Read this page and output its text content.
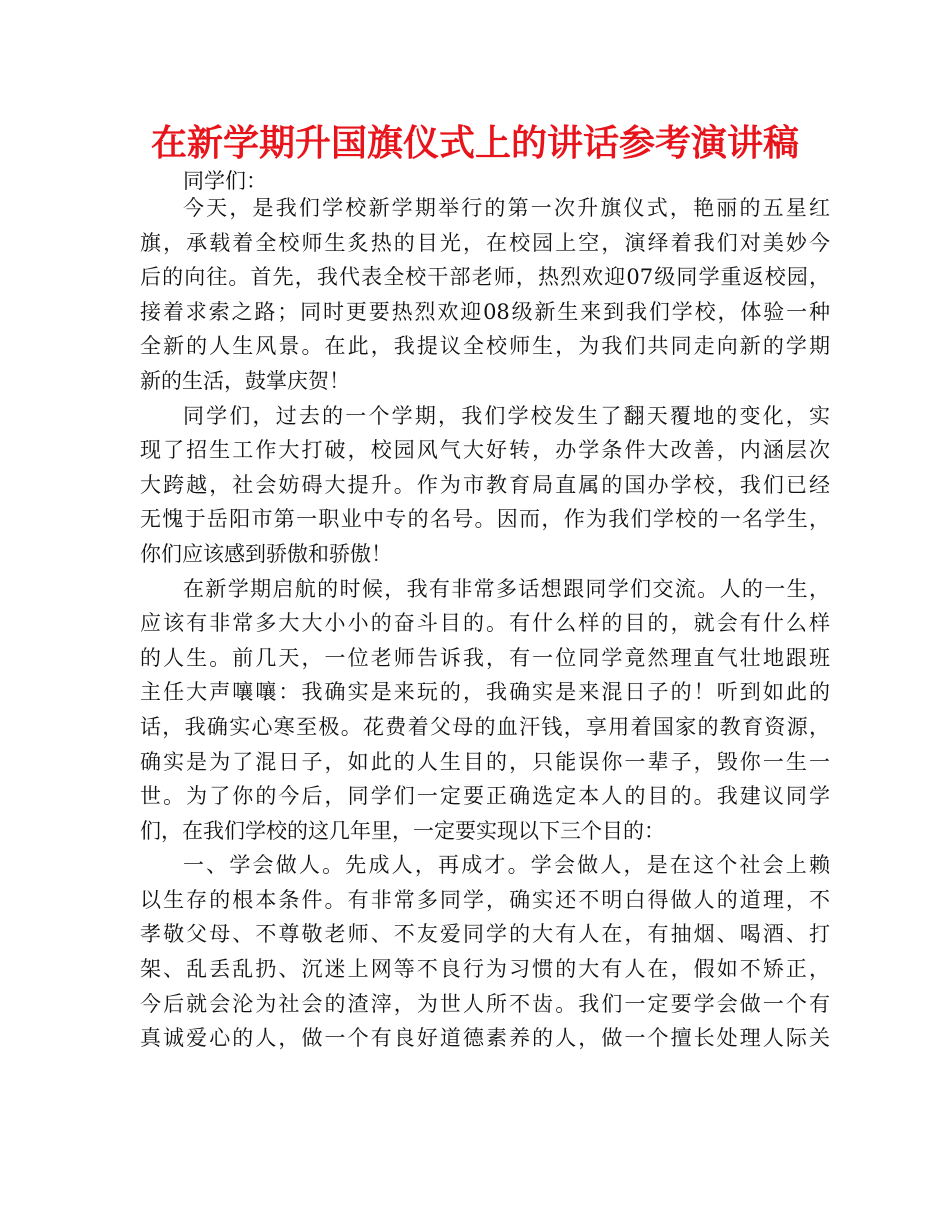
在新学期升国旗仪式上的讲话参考演讲稿

同学们：

今天，是我们学校新学期举行的第一次升旗仪式，艳丽的五星红
旗，承载着全校师生炙热的目光，在校园上空，演绎着我们对美妙今
后的向往。首先，我代表全校干部老师，热烈欢迎07级同学重返校园，
接着求索之路；同时更要热烈欢迎08级新生来到我们学校，体验一种
全新的人生风景。在此，我提议全校师生，为我们共同走向新的学期
新的生活，鼓掌庆贺！
同学们，过去的一个学期，我们学校发生了翻天覆地的变化，实
现了招生工作大打破，校园风气大好转，办学条件大改善，内涵层次
大跨越，社会妨碍大提升。作为市教育局直属的国办学校，我们已经
无愧于岳阳市第一职业中专的名号。因而，作为我们学校的一名学生，
你们应该感到骄傲和骄傲！
在新学期启航的时候，我有非常多话想跟同学们交流。人的一生，
应该有非常多大大小小的奋斗目的。有什么样的目的，就会有什么样
的人生。前几天，一位老师告诉我，有一位同学竟然理直气壮地跟班
主任大声嚷嚷：我确实是来玩的，我确实是来混日子的！听到如此的
话，我确实心寒至极。花费着父母的血汗钱，享用着国家的教育资源，
确实是为了混日子，如此的人生目的，只能误你一辈子，毁你一生一
世。为了你的今后，同学们一定要正确选定本人的目的。我建议同学
们，在我们学校的这几年里，一定要实现以下三个目的：
一、学会做人。先成人，再成才。学会做人，是在这个社会上赖
以生存的根本条件。有非常多同学，确实还不明白得做人的道理，不
孝敬父母、不尊敬老师、不友爱同学的大有人在，有抽烟、喝酒、打
架、乱丢乱扔、沉迷上网等不良行为习惯的大有人在，假如不矫正，
今后就会沦为社会的渣滓，为世人所不齿。我们一定要学会做一个有
真诚爱心的人，做一个有良好道德素养的人，做一个擅长处理人际关
